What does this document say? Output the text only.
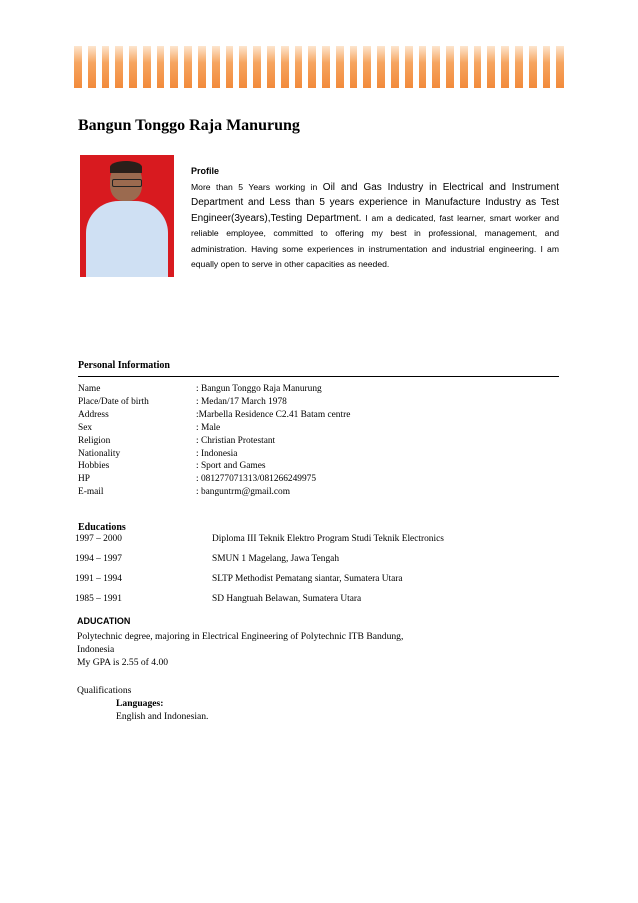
Bangun Tonggo Raja Manurung
Profile
More than 5 Years working in Oil and Gas Industry in Electrical and Instrument Department and Less than 5 years experience in Manufacture Industry as Test Engineer(3years),Testing Department. I am a dedicated, fast learner, smart worker and reliable employee, committed to offering my best in professional, management, and administration. Having some experiences in instrumentation and industrial engineering. I am equally open to serve in other capacities as needed.
Personal Information
Name	: Bangun Tonggo Raja Manurung
Place/Date of birth	: Medan/17 March 1978
Address	:Marbella Residence C2.41 Batam centre
Sex	: Male
Religion	: Christian Protestant
Nationality	: Indonesia
Hobbies	: Sport and Games
HP	: 081277071313/081266249975
E-mail	: banguntrm@gmail.com
Educations
1997 – 2000	Diploma III Teknik Elektro Program Studi Teknik Electronics
1994 – 1997	SMUN 1 Magelang, Jawa Tengah
1991 – 1994	SLTP Methodist Pematang siantar, Sumatera Utara
1985 – 1991	SD Hangtuah Belawan, Sumatera Utara
ADUCATION
Polytechnic degree, majoring in Electrical Engineering of Polytechnic ITB Bandung,
Indonesia
My GPA is 2.55 of 4.00
Qualifications
Languages:
English and Indonesian.
